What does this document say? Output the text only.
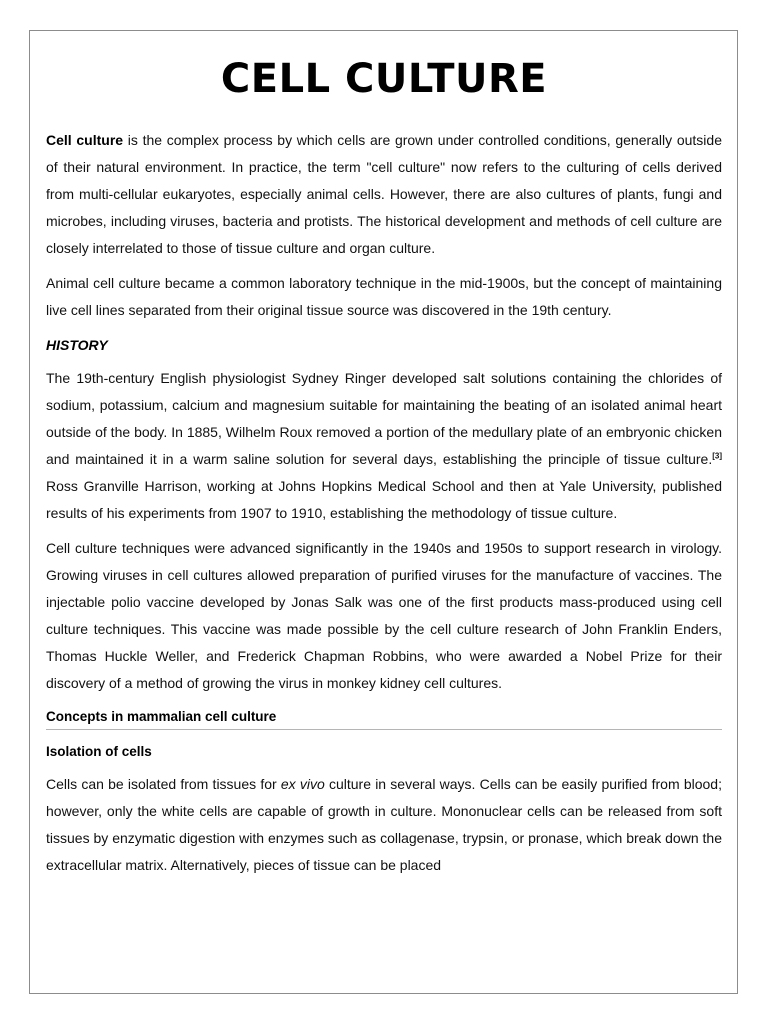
CELL CULTURE

Cell culture is the complex process by which cells are grown under controlled conditions, generally outside of their natural environment. In practice, the term "cell culture" now refers to the culturing of cells derived from multi-cellular eukaryotes, especially animal cells. However, there are also cultures of plants, fungi and microbes, including viruses, bacteria and protists. The historical development and methods of cell culture are closely interrelated to those of tissue culture and organ culture.

Animal cell culture became a common laboratory technique in the mid-1900s, but the concept of maintaining live cell lines separated from their original tissue source was discovered in the 19th century.

HISTORY

The 19th-century English physiologist Sydney Ringer developed salt solutions containing the chlorides of sodium, potassium, calcium and magnesium suitable for maintaining the beating of an isolated animal heart outside of the body. In 1885, Wilhelm Roux removed a portion of the medullary plate of an embryonic chicken and maintained it in a warm saline solution for several days, establishing the principle of tissue culture.[3] Ross Granville Harrison, working at Johns Hopkins Medical School and then at Yale University, published results of his experiments from 1907 to 1910, establishing the methodology of tissue culture.

Cell culture techniques were advanced significantly in the 1940s and 1950s to support research in virology. Growing viruses in cell cultures allowed preparation of purified viruses for the manufacture of vaccines. The injectable polio vaccine developed by Jonas Salk was one of the first products mass-produced using cell culture techniques. This vaccine was made possible by the cell culture research of John Franklin Enders, Thomas Huckle Weller, and Frederick Chapman Robbins, who were awarded a Nobel Prize for their discovery of a method of growing the virus in monkey kidney cell cultures.

Concepts in mammalian cell culture
Isolation of cells

Cells can be isolated from tissues for ex vivo culture in several ways. Cells can be easily purified from blood; however, only the white cells are capable of growth in culture. Mononuclear cells can be released from soft tissues by enzymatic digestion with enzymes such as collagenase, trypsin, or pronase, which break down the extracellular matrix. Alternatively, pieces of tissue can be placed
